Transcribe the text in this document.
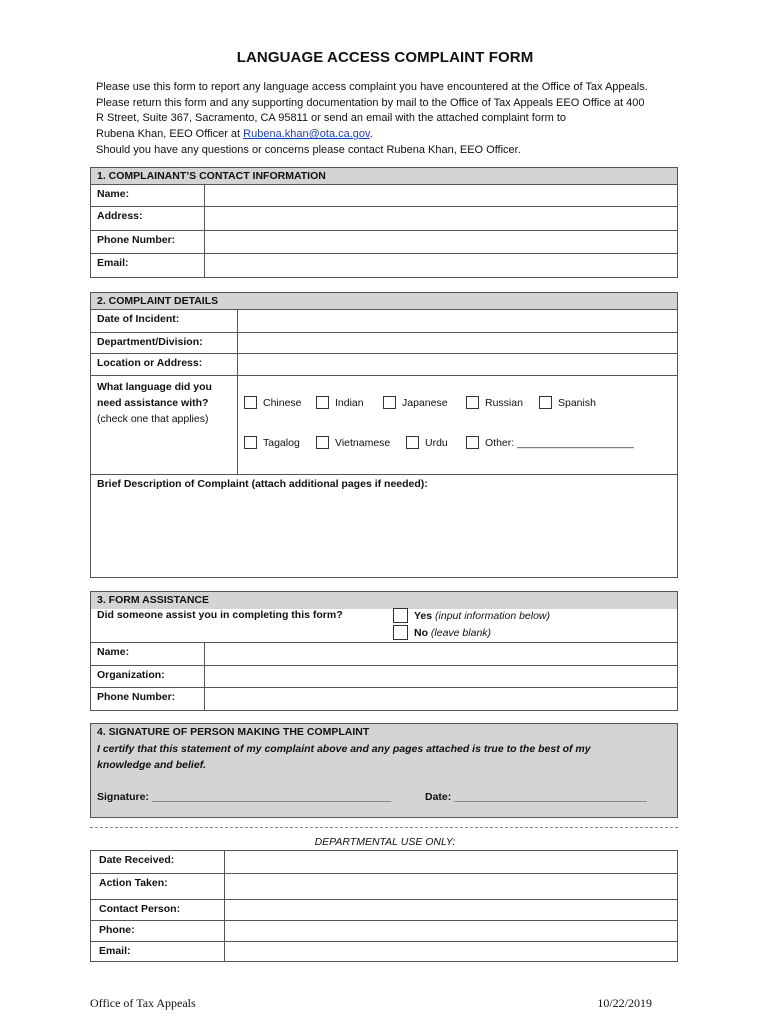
LANGUAGE ACCESS COMPLAINT FORM
Please use this form to report any language access complaint you have encountered at the Office of Tax Appeals.
Please return this form and any supporting documentation by mail to the Office of Tax Appeals EEO Office at 400
R Street, Suite 367, Sacramento, CA 95811 or send an email with the attached complaint form to
Rubena Khan, EEO Officer at Rubena.khan@ota.ca.gov.
Should you have any questions or concerns please contact Rubena Khan, EEO Officer.
1. COMPLAINANT’S CONTACT INFORMATION
Name:
Address:
Phone Number:
Email:
2. COMPLAINT DETAILS
Date of Incident:
Department/Division:
Location or Address:
What language did you
need assistance with?
(check one that applies)
Chinese	Indian	Japanese	Russian	Spanish
Tagalog	Vietnamese	Urdu	Other: ____________________
Brief Description of Complaint (attach additional pages if needed):
3. FORM ASSISTANCE
Did someone assist you in completing this form?	Yes (input information below)
No (leave blank)
Name:
Organization:
Phone Number:
4. SIGNATURE OF PERSON MAKING THE COMPLAINT
I certify that this statement of my complaint above and any pages attached is true to the best of my
knowledge and belief.
Signature: _________________________________________	Date: _________________________________
DEPARTMENTAL USE ONLY:
Date Received:
Action Taken:
Contact Person:
Phone:
Email:
Office of Tax Appeals	10/22/2019
